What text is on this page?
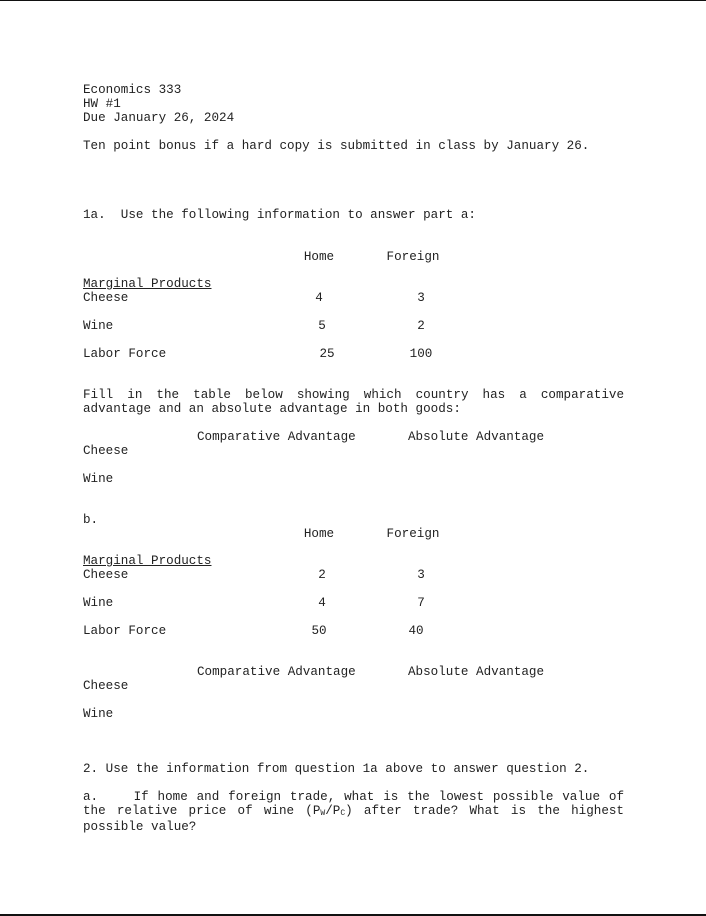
Economics 333
HW #1
Due January 26, 2024
Ten point bonus if a hard copy is submitted in class by January 26.
1a.  Use the following information to answer part a:
Home	Foreign
Marginal Products
Cheese	4	3
Wine	5	2
Labor Force	25	100
Fill in the table below showing which country has a comparative advantage and an absolute advantage in both goods:
Comparative Advantage	Absolute Advantage
Cheese
Wine
b.
Home	Foreign
Marginal Products
Cheese	2	3
Wine	4	7
Labor Force	50	40
Comparative Advantage	Absolute Advantage
Cheese
Wine
2. Use the information from question 1a above to answer question 2.
a.	If home and foreign trade, what is the lowest possible value of the relative price of wine $(P_W/P_C)$ after trade? What is the highest possible value?
